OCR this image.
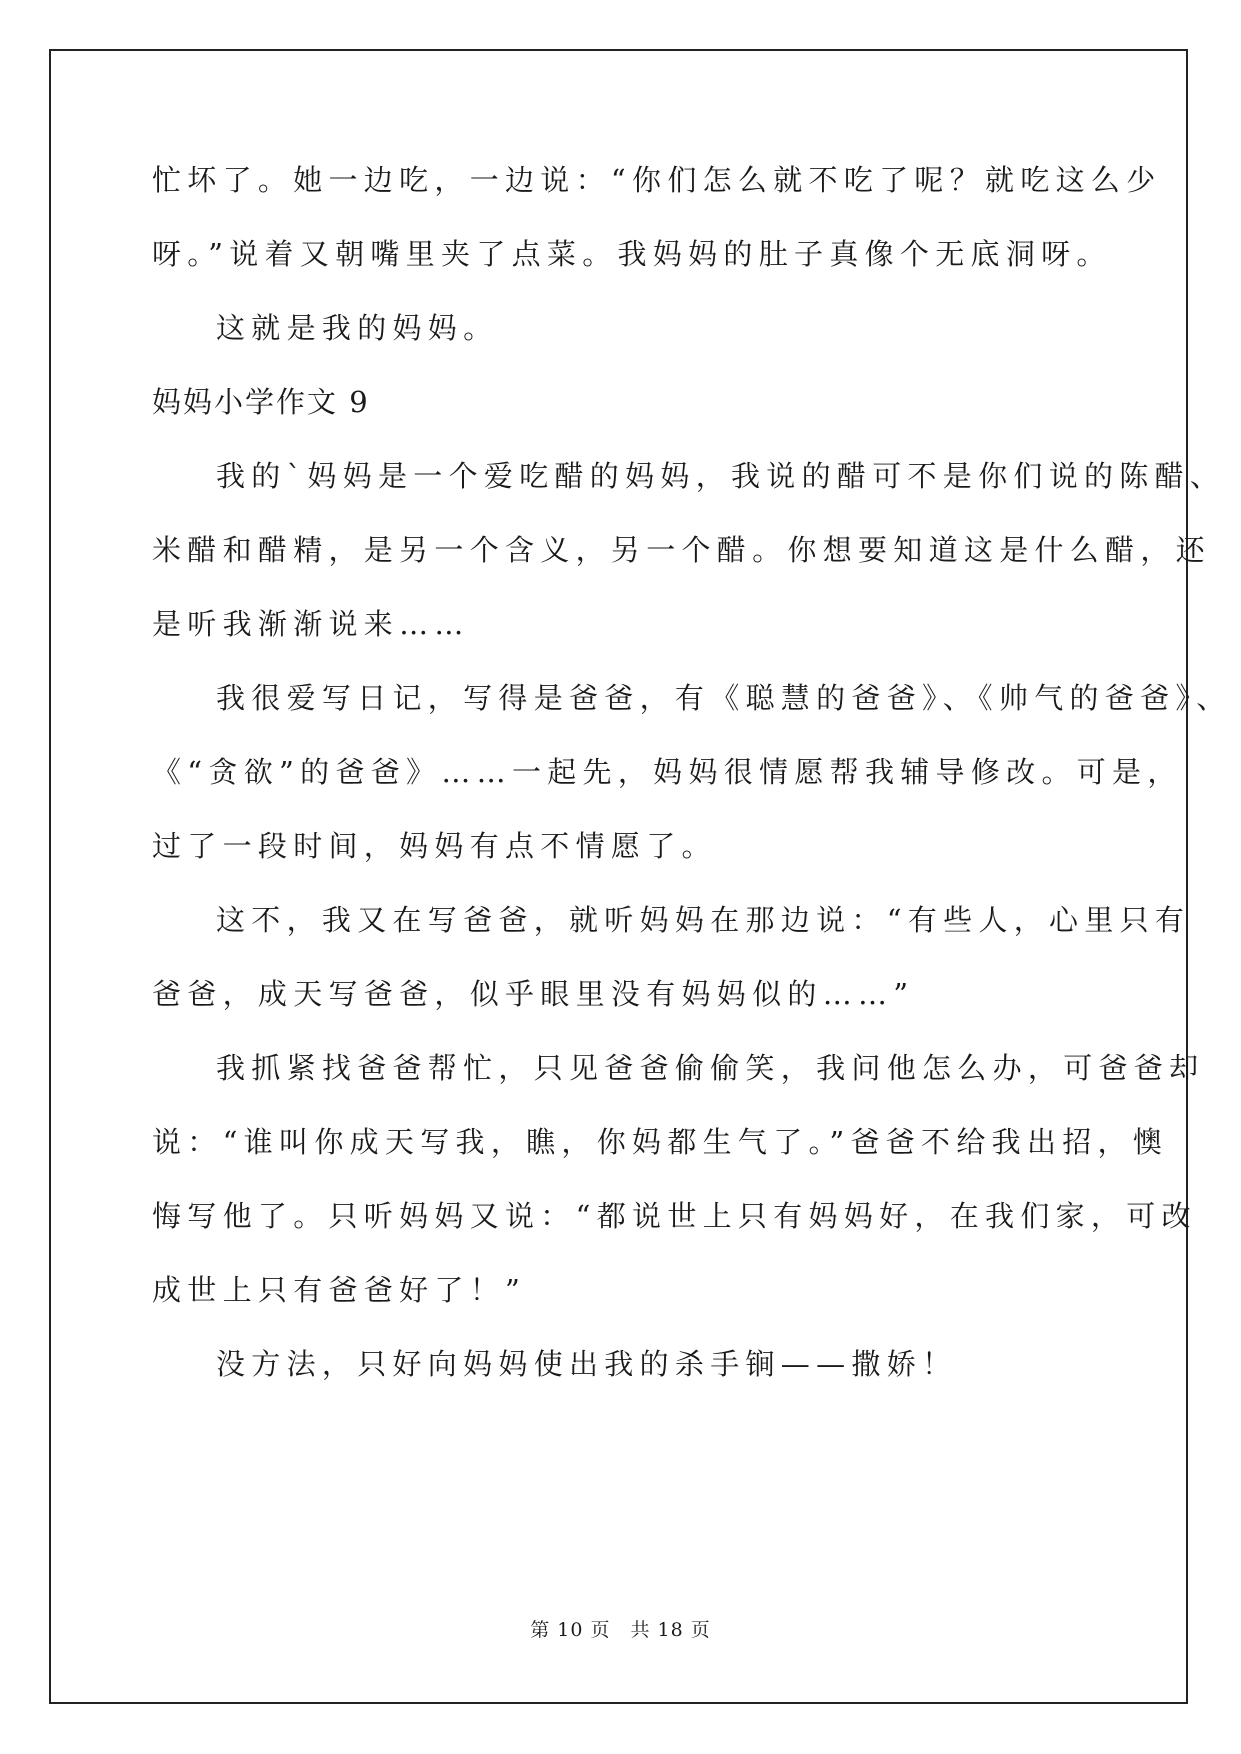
忙坏了。她一边吃，一边说：“你们怎么就不吃了呢？就吃这么少
呀。”说着又朝嘴里夹了点菜。我妈妈的肚子真像个无底洞呀。
这就是我的妈妈。
妈妈小学作文 9
我的`妈妈是一个爱吃醋的妈妈，我说的醋可不是你们说的陈醋、
米醋和醋精，是另一个含义，另一个醋。你想要知道这是什么醋，还
是听我渐渐说来……
我很爱写日记，写得是爸爸，有《聪慧的爸爸》、《帅气的爸爸》、
《“贪欲”的爸爸》……一起先，妈妈很情愿帮我辅导修改。可是，
过了一段时间，妈妈有点不情愿了。
这不，我又在写爸爸，就听妈妈在那边说：“有些人，心里只有
爸爸，成天写爸爸，似乎眼里没有妈妈似的……”
我抓紧找爸爸帮忙，只见爸爸偷偷笑，我问他怎么办，可爸爸却
说：“谁叫你成天写我，瞧，你妈都生气了。”爸爸不给我出招，懊
悔写他了。只听妈妈又说：“都说世上只有妈妈好，在我们家，可改
成世上只有爸爸好了！”
没方法，只好向妈妈使出我的杀手锏——撒娇！
第 10 页　共 18 页
